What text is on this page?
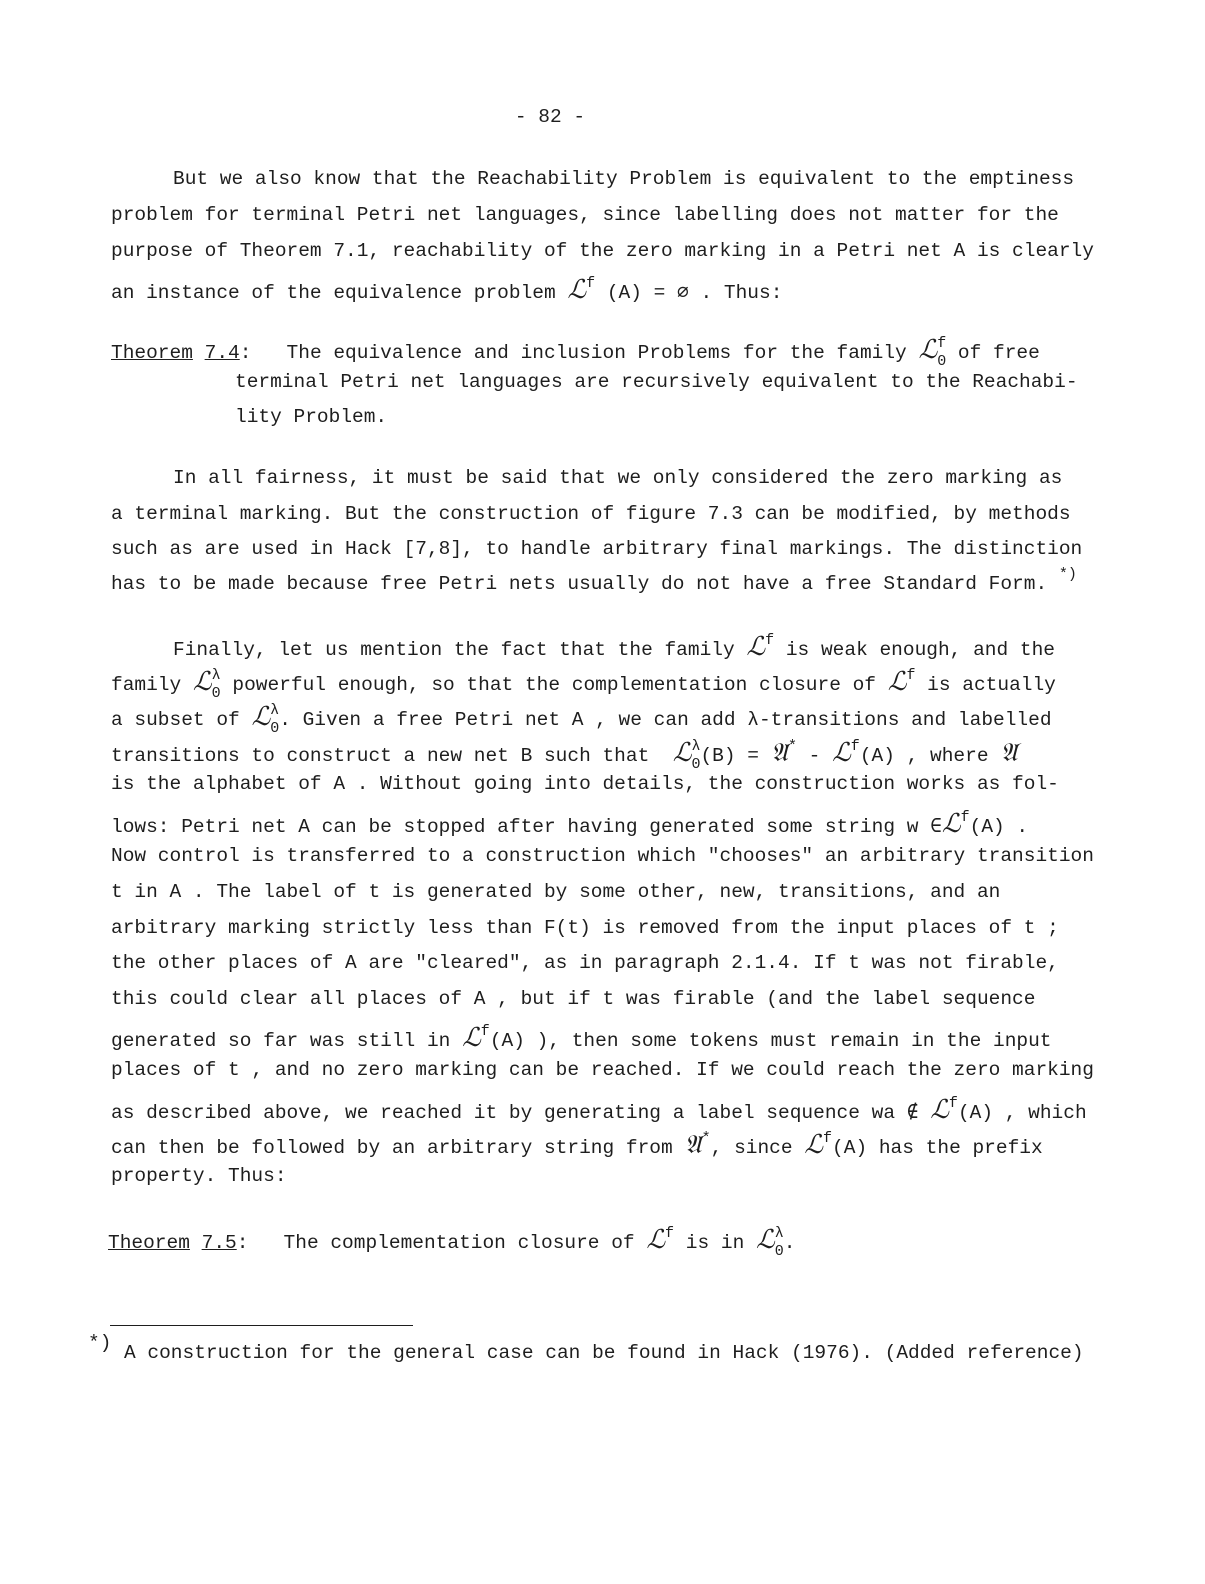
- 82 -
But we also know that the Reachability Problem is equivalent to the emptiness
problem for terminal Petri net languages, since labelling does not matter for the
purpose of Theorem 7.1, reachability of the zero marking in a Petri net A is clearly
an instance of the equivalence problem ℒ$^f$ (A) = ∅ . Thus:
Theorem 7.4: The equivalence and inclusion Problems for the family ℒ$^f_0$ of free
terminal Petri net languages are recursively equivalent to the Reachabi-
lity Problem.
In all fairness, it must be said that we only considered the zero marking as
a terminal marking. But the construction of figure 7.3 can be modified, by methods
such as are used in Hack [7,8], to handle arbitrary final markings. The distinction
has to be made because free Petri nets usually do not have a free Standard Form. *)
Finally, let us mention the fact that the family ℒ$^f$ is weak enough, and the
family ℒ$^\lambda_0$ powerful enough, so that the complementation closure of ℒ$^f$ is actually
a subset of ℒ$^\lambda_0$. Given a free Petri net A , we can add λ-transitions and labelled
transitions to construct a new net B such that ℒ$^\lambda_0$(B) = 𝔄* - ℒ$^f$(A) , where 𝔄
is the alphabet of A . Without going into details, the construction works as fol-
lows: Petri net A can be stopped after having generated some string w ∈ℒ$^f$(A) .
Now control is transferred to a construction which "chooses" an arbitrary transition
t in A . The label of t is generated by some other, new, transitions, and an
arbitrary marking strictly less than F(t) is removed from the input places of t ;
the other places of A are "cleared", as in paragraph 2.1.4. If t was not firable,
this could clear all places of A , but if t was firable (and the label sequence
generated so far was still in ℒ$^f$(A) ), then some tokens must remain in the input
places of t , and no zero marking can be reached. If we could reach the zero marking
as described above, we reached it by generating a label sequence wa ∉ ℒ$^f$(A) , which
can then be followed by an arbitrary string from 𝔄*, since ℒ$^f$(A) has the prefix
property. Thus:
Theorem 7.5: The complementation closure of ℒ$^f$ is in ℒ$^\lambda_0$.
*) A construction for the general case can be found in Hack (1976). (Added reference)
